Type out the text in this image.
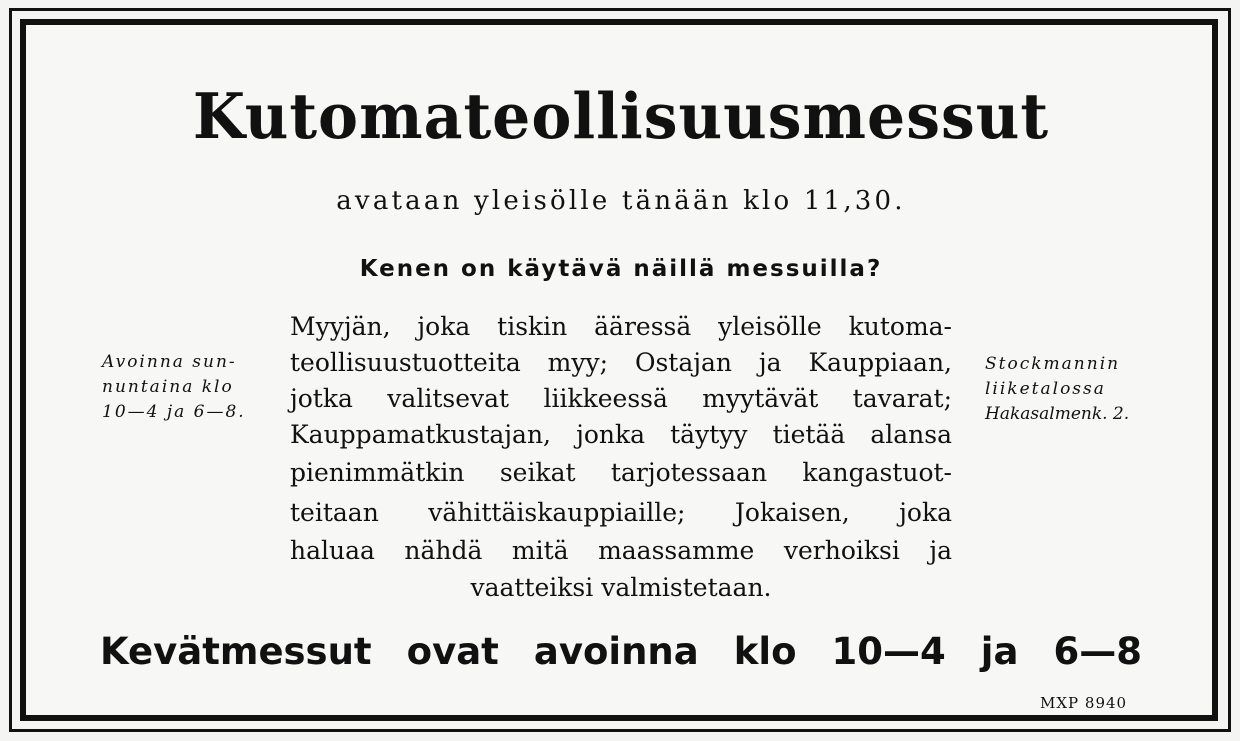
Kutomateollisuusmessut
avataan yleisölle tänään klo 11,30.
Kenen on käytävä näillä messuilla?
Myyjän, joka tiskin ääressä yleisölle kutoma-
teollisuustuotteita myy; Ostajan ja Kauppiaan,
jotka valitsevat liikkeessä myytävät tavarat;
Kauppamatkustajan, jonka täytyy tietää alansa
pienimmätkin seikat tarjotessaan kangastuot-
teitaan vähittäiskauppiaille; Jokaisen, joka
haluaa nähdä mitä maassamme verhoiksi ja
vaatteiksi valmistetaan.
Avoinna sun-
nuntaina klo
10—4 ja 6—8.
Stockmannin
liiketalossa
Hakasalmenk. 2.
Kevätmessut ovat avoinna klo 10—4 ja 6—8
MXP 8940
